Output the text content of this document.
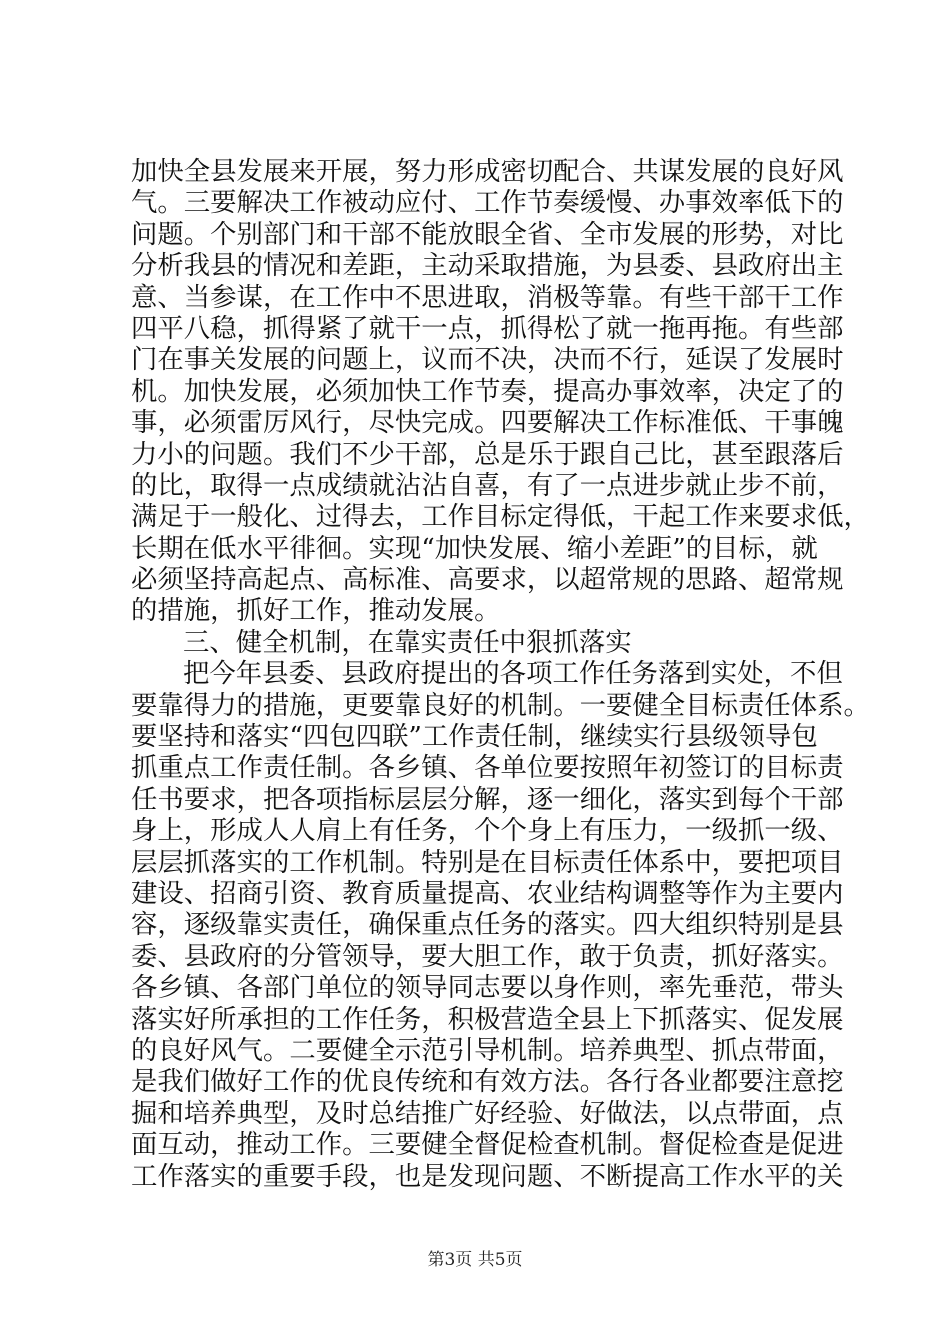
加快全县发展来开展，努力形成密切配合、共谋发展的良好风
气。三要解决工作被动应付、工作节奏缓慢、办事效率低下的
问题。个别部门和干部不能放眼全省、全市发展的形势，对比
分析我县的情况和差距，主动采取措施，为县委、县政府出主
意、当参谋，在工作中不思进取，消极等靠。有些干部干工作
四平八稳，抓得紧了就干一点，抓得松了就一拖再拖。有些部
门在事关发展的问题上，议而不决，决而不行，延误了发展时
机。加快发展，必须加快工作节奏，提高办事效率，决定了的
事，必须雷厉风行，尽快完成。四要解决工作标准低、干事魄
力小的问题。我们不少干部，总是乐于跟自己比，甚至跟落后
的比，取得一点成绩就沾沾自喜，有了一点进步就止步不前，
满足于一般化、过得去，工作目标定得低，干起工作来要求低，
长期在低水平徘徊。实现“加快发展、缩小差距”的目标，就
必须坚持高起点、高标准、高要求，以超常规的思路、超常规
的措施，抓好工作，推动发展。
三、健全机制，在靠实责任中狠抓落实
把今年县委、县政府提出的各项工作任务落到实处，不但
要靠得力的措施，更要靠良好的机制。一要健全目标责任体系。
要坚持和落实“四包四联”工作责任制，继续实行县级领导包
抓重点工作责任制。各乡镇、各单位要按照年初签订的目标责
任书要求，把各项指标层层分解，逐一细化，落实到每个干部
身上，形成人人肩上有任务，个个身上有压力，一级抓一级、
层层抓落实的工作机制。特别是在目标责任体系中，要把项目
建设、招商引资、教育质量提高、农业结构调整等作为主要内
容，逐级靠实责任，确保重点任务的落实。四大组织特别是县
委、县政府的分管领导，要大胆工作，敢于负责，抓好落实。
各乡镇、各部门单位的领导同志要以身作则，率先垂范，带头
落实好所承担的工作任务，积极营造全县上下抓落实、促发展
的良好风气。二要健全示范引导机制。培养典型、抓点带面，
是我们做好工作的优良传统和有效方法。各行各业都要注意挖
掘和培养典型，及时总结推广好经验、好做法，以点带面，点
面互动，推动工作。三要健全督促检查机制。督促检查是促进
工作落实的重要手段，也是发现问题、不断提高工作水平的关
第3页 共5页
